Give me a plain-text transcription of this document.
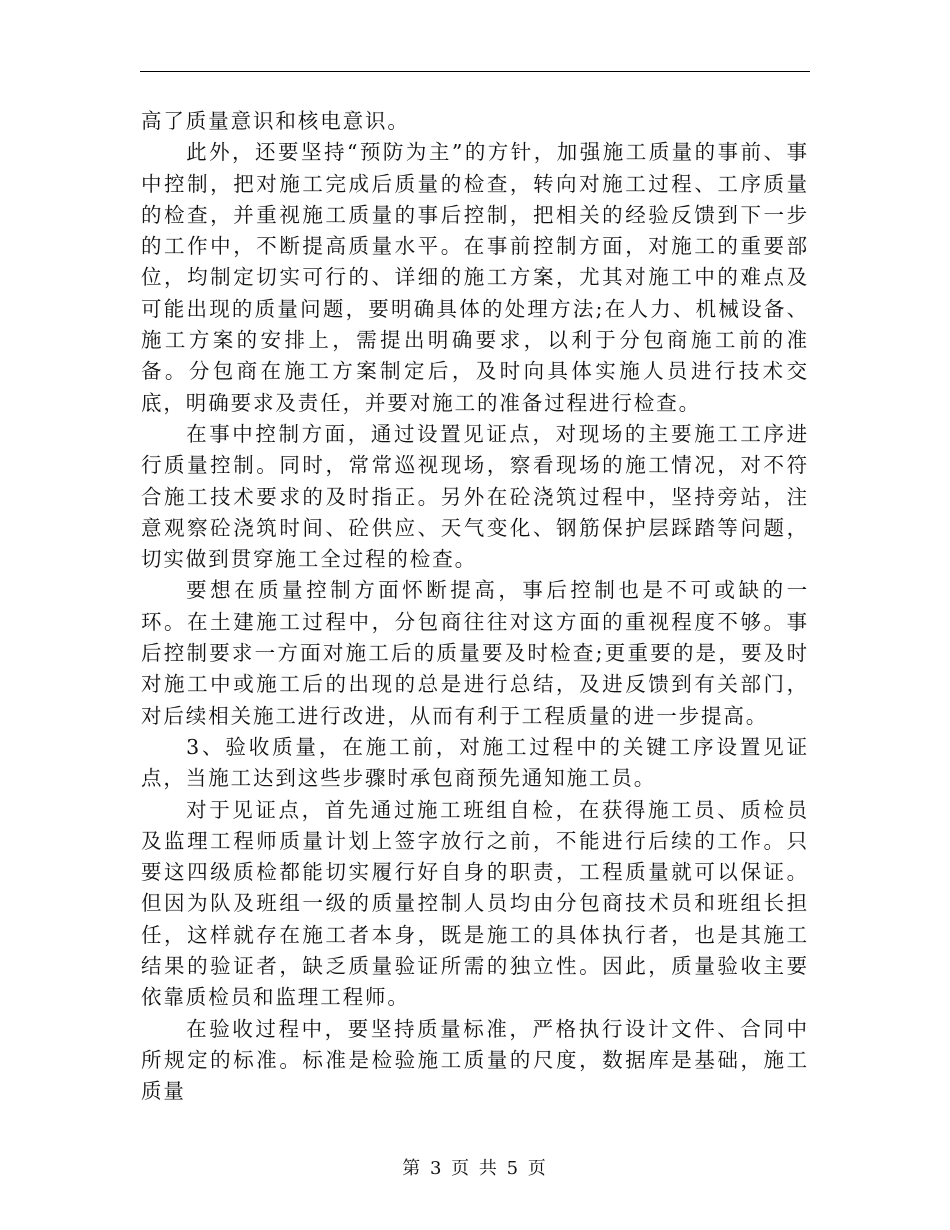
高了质量意识和核电意识。

此外，还要坚持“预防为主”的方针，加强施工质量的事前、事中控制，把对施工完成后质量的检查，转向对施工过程、工序质量的检查，并重视施工质量的事后控制，把相关的经验反馈到下一步的工作中，不断提高质量水平。在事前控制方面，对施工的重要部位，均制定切实可行的、详细的施工方案，尤其对施工中的难点及可能出现的质量问题，要明确具体的处理方法;在人力、机械设备、施工方案的安排上，需提出明确要求，以利于分包商施工前的准备。分包商在施工方案制定后，及时向具体实施人员进行技术交底，明确要求及责任，并要对施工的准备过程进行检查。

在事中控制方面，通过设置见证点，对现场的主要施工工序进行质量控制。同时，常常巡视现场，察看现场的施工情况，对不符合施工技术要求的及时指正。另外在砼浇筑过程中，坚持旁站，注意观察砼浇筑时间、砼供应、天气变化、钢筋保护层踩踏等问题，切实做到贯穿施工全过程的检查。

要想在质量控制方面怀断提高，事后控制也是不可或缺的一环。在土建施工过程中，分包商往往对这方面的重视程度不够。事后控制要求一方面对施工后的质量要及时检查;更重要的是，要及时对施工中或施工后的出现的总是进行总结，及进反馈到有关部门，对后续相关施工进行改进，从而有利于工程质量的进一步提高。

3、验收质量，在施工前，对施工过程中的关键工序设置见证点，当施工达到这些步骤时承包商预先通知施工员。

对于见证点，首先通过施工班组自检，在获得施工员、质检员及监理工程师质量计划上签字放行之前，不能进行后续的工作。只要这四级质检都能切实履行好自身的职责，工程质量就可以保证。但因为队及班组一级的质量控制人员均由分包商技术员和班组长担任，这样就存在施工者本身，既是施工的具体执行者，也是其施工结果的验证者，缺乏质量验证所需的独立性。因此，质量验收主要依靠质检员和监理工程师。

在验收过程中，要坚持质量标准，严格执行设计文件、合同中所规定的标准。标准是检验施工质量的尺度，数据库是基础，施工质量

第 3 页 共 5 页
